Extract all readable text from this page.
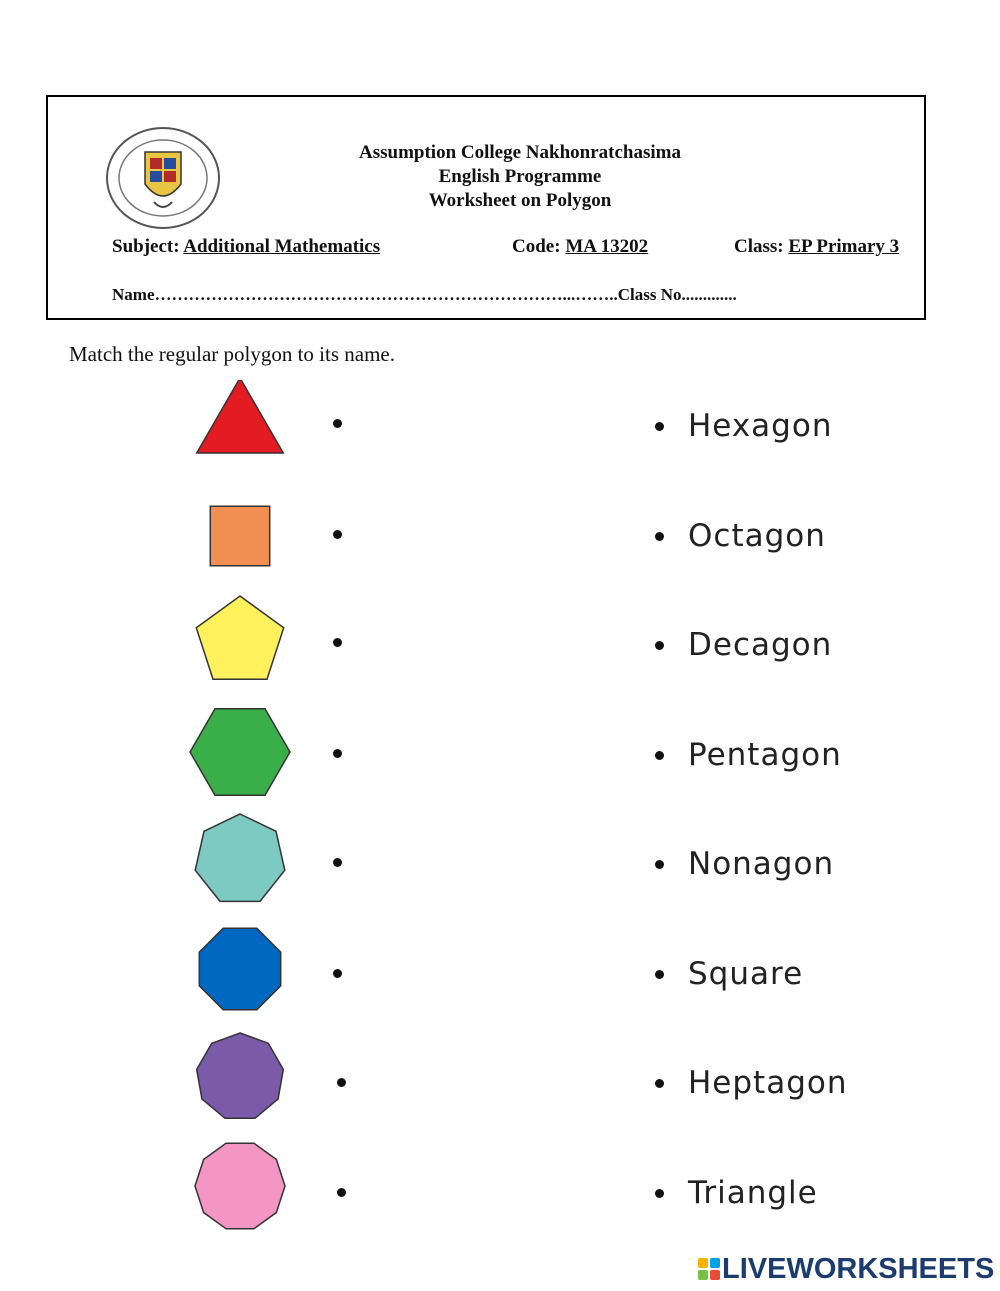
Assumption College Nakhonratchasima
English Programme
Worksheet on Polygon
Subject: Additional Mathematics	Code: MA 13202	Class: EP Primary 3
Name………………………………………………………………...……..Class No.............
Match the regular polygon to its name.
Hexagon
Octagon
Decagon
Pentagon
Nonagon
Square
Heptagon
Triangle
LIVEWORKSHEETS
